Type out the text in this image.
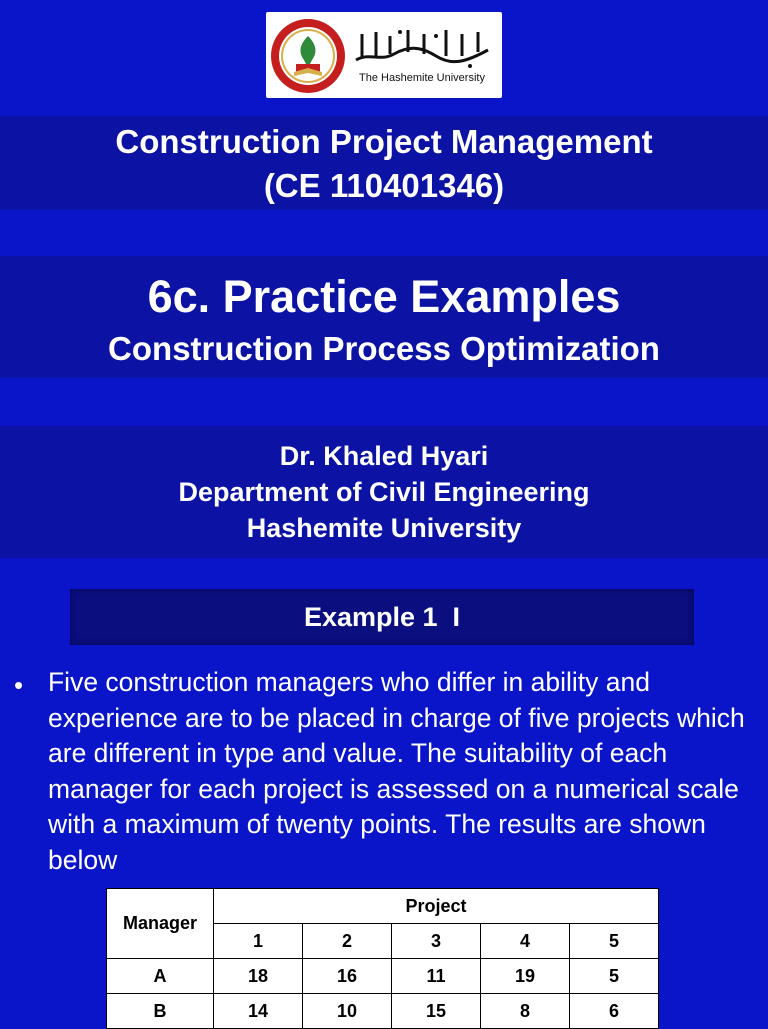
The Hashemite University
Construction Project Management
(CE 110401346)
6c. Practice Examples
Construction Process Optimization
Dr. Khaled Hyari
Department of Civil Engineering
Hashemite University
Example 1  I
• Five construction managers who differ in ability and experience are to be placed in charge of five projects which are different in type and value. The suitability of each manager for each project is assessed on a numerical scale with a maximum of twenty points. The results are shown below
Manager	Project				
	1	2	3	4	5
A	18	16	11	19	5
B	14	10	15	8	6
